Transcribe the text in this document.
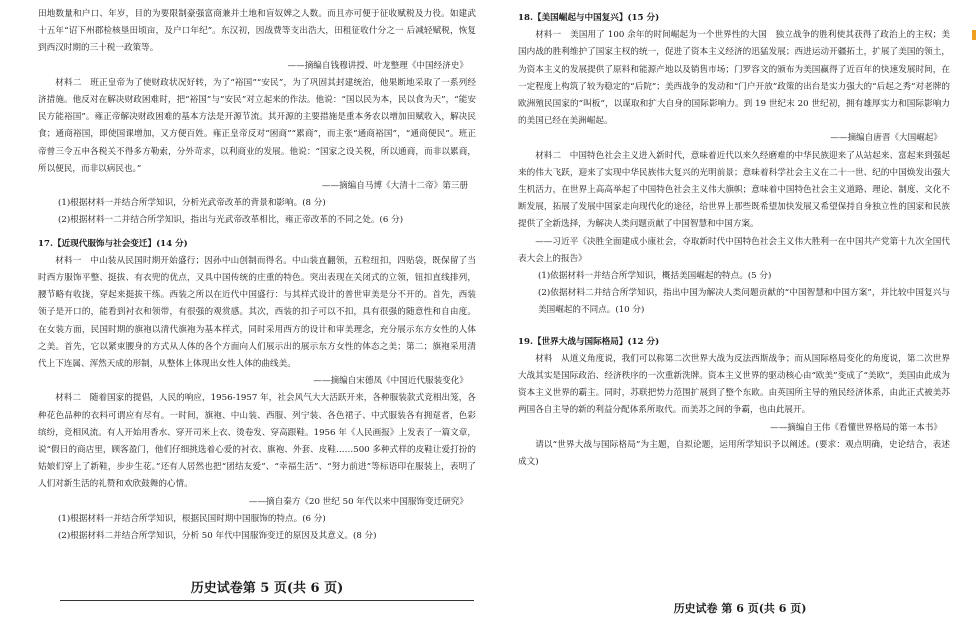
田地数量和户口、年岁，目的为要限制豪强富商兼并土地和盲奴婢之人数。而且亦可便于征收赋税及力役。如建武十五年“诏下州郡检核垦田顷亩，及户口年纪”。东汉初，因战费等支出浩大，田租征收什分之一 后减轻赋税，恢复到西汉时期的三十税一政策等。

——摘编自钱穆讲授、叶龙整理《中国经济史》

材料二　班正皇帝为了使财政状况好转，为了“裕国”“安民”，为了巩固其封建统治，他果断地采取了一系列经济措施。他反对在解决财政困难时，把“裕国”与“安民”对立起来的作法。他说：“国以民为本，民以食为天”，“能安民方能裕国”。雍正帝解决财政困难的基本方法是开源节流。其开源的主要措施是重本务农以增加田赋收入，解决民食；通商裕国，即使国课增加，又方便百姓。雍正皇帝反对“困商”“累商”，而主张“通商裕国”，“通商便民”。班正帝曾三令五申各税关不得多方勒索，分外苛求，以利商业的发展。他说：“国家之设关税，所以通商，而非以累商，所以便民，而非以病民也。”

——摘编自马博《大清十二帝》第三册

(1)根据材料一并结合所学知识，分析光武帝改革的背景和影响。(8 分)

(2)根据材料一二并结合所学知识，指出与光武帝改革相比，雍正帝改革的不同之处。(6 分)

17.【近现代服饰与社会变迁】(14 分)

材料一　中山装从民国时期开始盛行；因孙中山创制而得名。中山装直翻领，五粒纽扣，四贴袋，既保留了当时西方服饰平整、挺拔、有衣兜的优点，又具中国传统的庄重的特色。突出表现在关闭式的立领，钮扣直线排列，腰节略有收拢，穿起来挺拔干练。西装之所以在近代中国盛行：与其样式设计的普世审美是分不开的。首先，西装领子是开口的，能看到衬衣和领带，有很强的观赏感。其次，西装的扣子可以不扣，具有很强的随意性和自由度。在女装方面，民国时期的旗袍以清代旗袍为基本样式，同时采用西方的设计和审美理念，充分展示东方女性的人体之美。首先，它以紧束腰身的方式从人体的各个方面向人们展示出的展示东方女性的体态之美；第二；旗袍采用清代上下连属、浑然天成的形制，从整体上体现出女性人体的曲线美。

——摘编自宋德凤《中国近代服装变化》

材料二　随着国家的提倡，人民的响应，1956-1957 年，社会风气大大活跃开来，各种服装款式竞相出笼，各种花色品种的衣料可谓应有尽有。一时间，旗袍、中山装、西服、列宁装、各色裙子、中式服装各有拥趸者，色彩缤纷，竞相风流。有人开始用香水、穿开司米上衣、烫卷发、穿高跟鞋。1956 年《人民画报》上发表了一篇文章，说“假日的商店里，顾客盈门，他们仔细挑选着心爱的衬衣、旗袍、外套、皮鞋……500 多种式样的皮鞋让爱打扮的姑娘们穿上了新鞋，步步生花。”还有人居然也把“团结友爱”、“幸福生活”、“努力前进”等标语印在服装上，表明了人们对新生活的礼赞和欢欣鼓舞的心情。

——摘自秦方《20 世纪 50 年代以来中国服饰变迁研究》

(1)根据材料一并结合所学知识，根据民国时期中国服饰的特点。(6 分)

(2)根据材料二并结合所学知识，分析 50 年代中国服饰变迁的原因及其意义。(8 分)

历史试卷第 5 页(共 6 页)

18.【美国崛起与中国复兴】(15 分)

材料一　美国用了 100 余年的时间崛起为一个世界性的大国　独立战争的胜利使其获得了政治上的主权；美国内战的胜利维护了国家主权的统一，促进了资本主义经济的迅猛发展；西进运动开疆拓土，扩展了美国的领土，为资本主义的发展提供了原料和能源产地以及销售市场；门罗容文的颁布为美国赢得了近百年的快速发展时间，在一定程度上构筑了较为稳定的“后院”；美西战争的发动和“门户开放”政策的出台是实力强大的“后起之秀”对老牌的欧洲殖民国家的“叫板”，以谋取和扩大自身的国际影响力。到 19 世纪末 20 世纪初，拥有雄厚实力和国际影响力的美国已经在美洲崛起。

——摘编自唐晋《大国崛起》

材料二　中国特色社会主义进入新时代，意味着近代以来久经磨难的中华民族迎来了从站起来、富起来到强起来的伟大飞跃，迎来了实现中华民族伟大复兴的光明前景；意味着科学社会主义在二十一世、纪的中国焕发出强大生机活力，在世界上高高举起了中国特色社会主义伟大旗帜；意味着中国特色社会主义道路、理论、制度、文化不断发展，拓展了发展中国家走向现代化的途径，给世界上那些既希望加快发展又希望保持自身独立性的国家和民族提供了全新选择，为解决人类问题贡献了中国智慧和中国方案。

——习近平《决胜全面建成小康社会，夺取新时代中国特色社会主义伟大胜利一在中国共产党第十九次全国代表大会上的报告》

(1)依据材料一并结合所学知识，概括美国崛起的特点。(5 分)

(2)依据材料二并结合所学知识，指出中国为解决人类问题贡献的“中国智慧和中国方案”，并比较中国复兴与美国崛起的不同点。(10 分)

19.【世界大战与国际格局】(12 分)

材料　从道义角度说，我们可以称第二次世界大战为反法西斯战争；而从国际格局变化的角度说，第二次世界大战其实是国际政治、经济秩序的一次重新洗牌。资本主义世界的驱动核心由“欧美”变成了“美欧”，美国由此成为资本主义世界的霸主。同时，苏联把势力范围扩展到了整个东欧。由英国所主导的殖民经济体系，由此正式被美苏两国各自主导的新的利益分配体系所取代。而美苏之间的争霸，也由此展开。

——摘编自王伟《看懂世界格局的第一本书》

请以“世界大战与国际格局”为主题，自拟论题，运用所学知识予以阐述。(要求：观点明确，史论结合，表述成文)

历史试卷 第 6 页(共 6 页)
